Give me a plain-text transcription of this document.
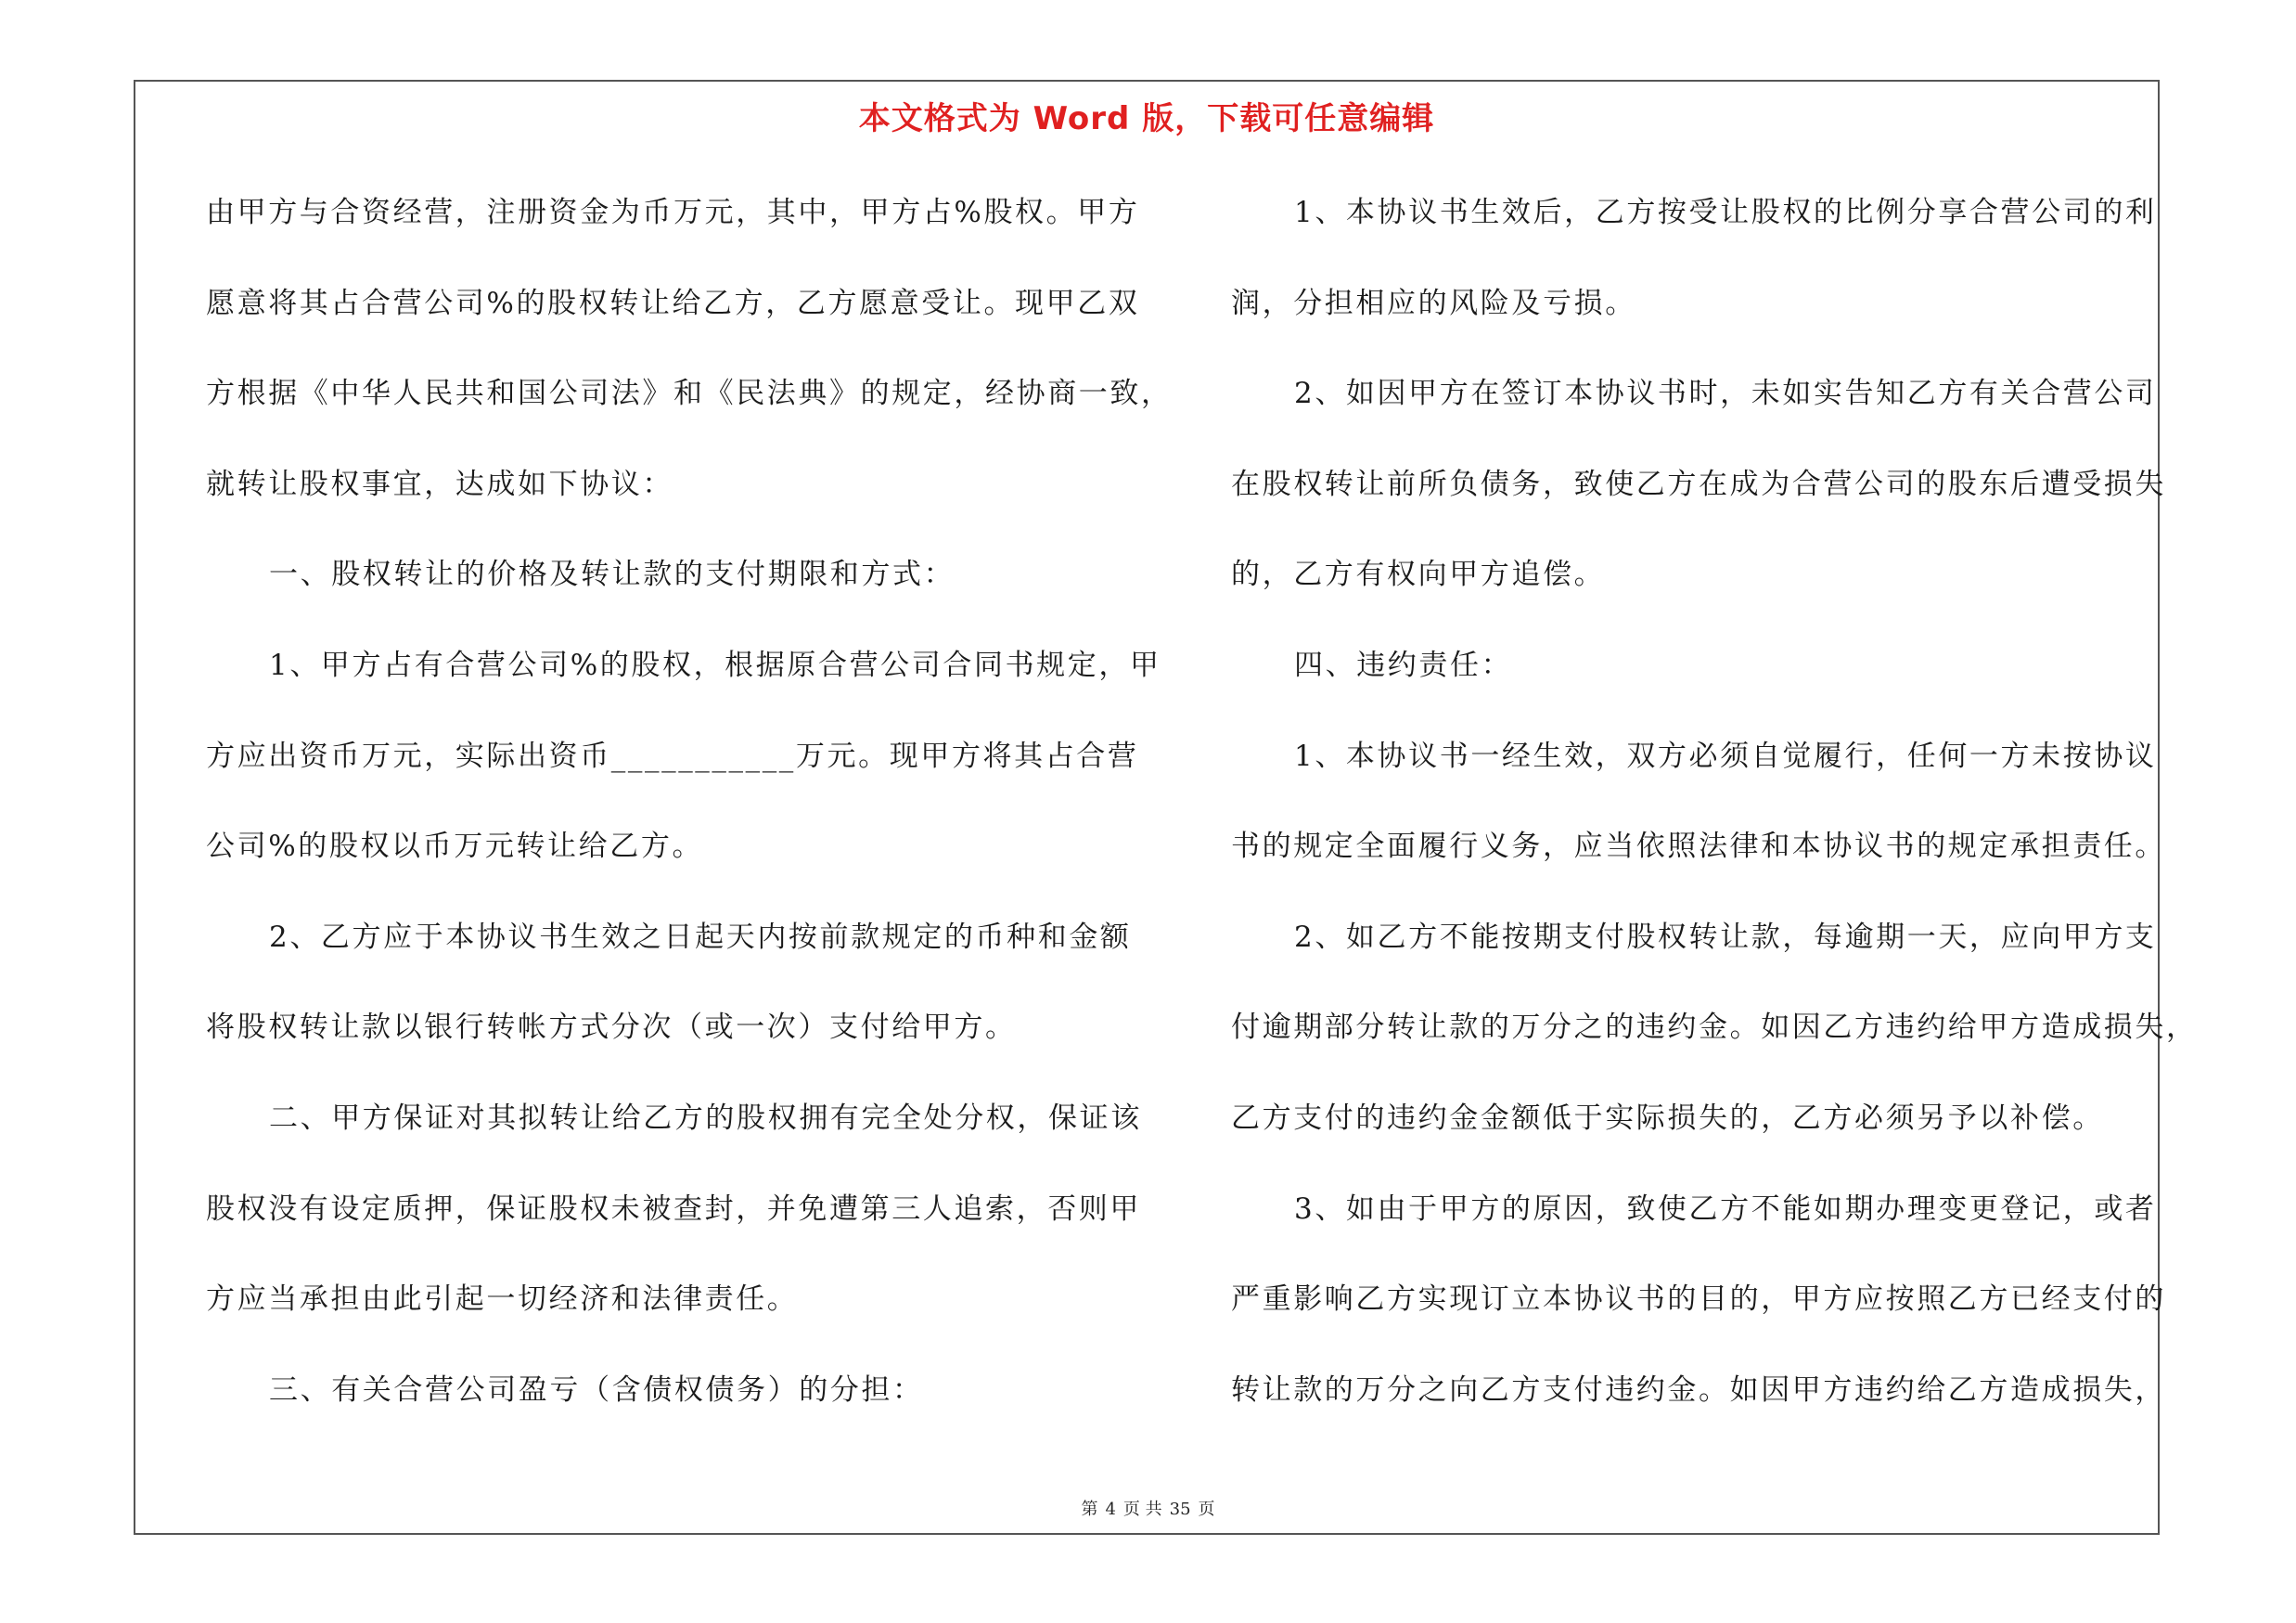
本文格式为 Word 版，下载可任意编辑
由甲方与合资经营，注册资金为币万元，其中，甲方占%股权。甲方
愿意将其占合营公司%的股权转让给乙方，乙方愿意受让。现甲乙双
方根据《中华人民共和国公司法》和《民法典》的规定，经协商一致，
就转让股权事宜，达成如下协议：
一、股权转让的价格及转让款的支付期限和方式：
1、甲方占有合营公司%的股权，根据原合营公司合同书规定，甲
方应出资币万元，实际出资币___________万元。现甲方将其占合营
公司%的股权以币万元转让给乙方。
2、乙方应于本协议书生效之日起天内按前款规定的币种和金额
将股权转让款以银行转帐方式分次（或一次）支付给甲方。
二、甲方保证对其拟转让给乙方的股权拥有完全处分权，保证该
股权没有设定质押，保证股权未被查封，并免遭第三人追索，否则甲
方应当承担由此引起一切经济和法律责任。
三、有关合营公司盈亏（含债权债务）的分担：
1、本协议书生效后，乙方按受让股权的比例分享合营公司的利
润，分担相应的风险及亏损。
2、如因甲方在签订本协议书时，未如实告知乙方有关合营公司
在股权转让前所负债务，致使乙方在成为合营公司的股东后遭受损失
的，乙方有权向甲方追偿。
四、违约责任：
1、本协议书一经生效，双方必须自觉履行，任何一方未按协议
书的规定全面履行义务，应当依照法律和本协议书的规定承担责任。
2、如乙方不能按期支付股权转让款，每逾期一天，应向甲方支
付逾期部分转让款的万分之的违约金。如因乙方违约给甲方造成损失，
乙方支付的违约金金额低于实际损失的，乙方必须另予以补偿。
3、如由于甲方的原因，致使乙方不能如期办理变更登记，或者
严重影响乙方实现订立本协议书的目的，甲方应按照乙方已经支付的
转让款的万分之向乙方支付违约金。如因甲方违约给乙方造成损失，
第 4 页 共 35 页
